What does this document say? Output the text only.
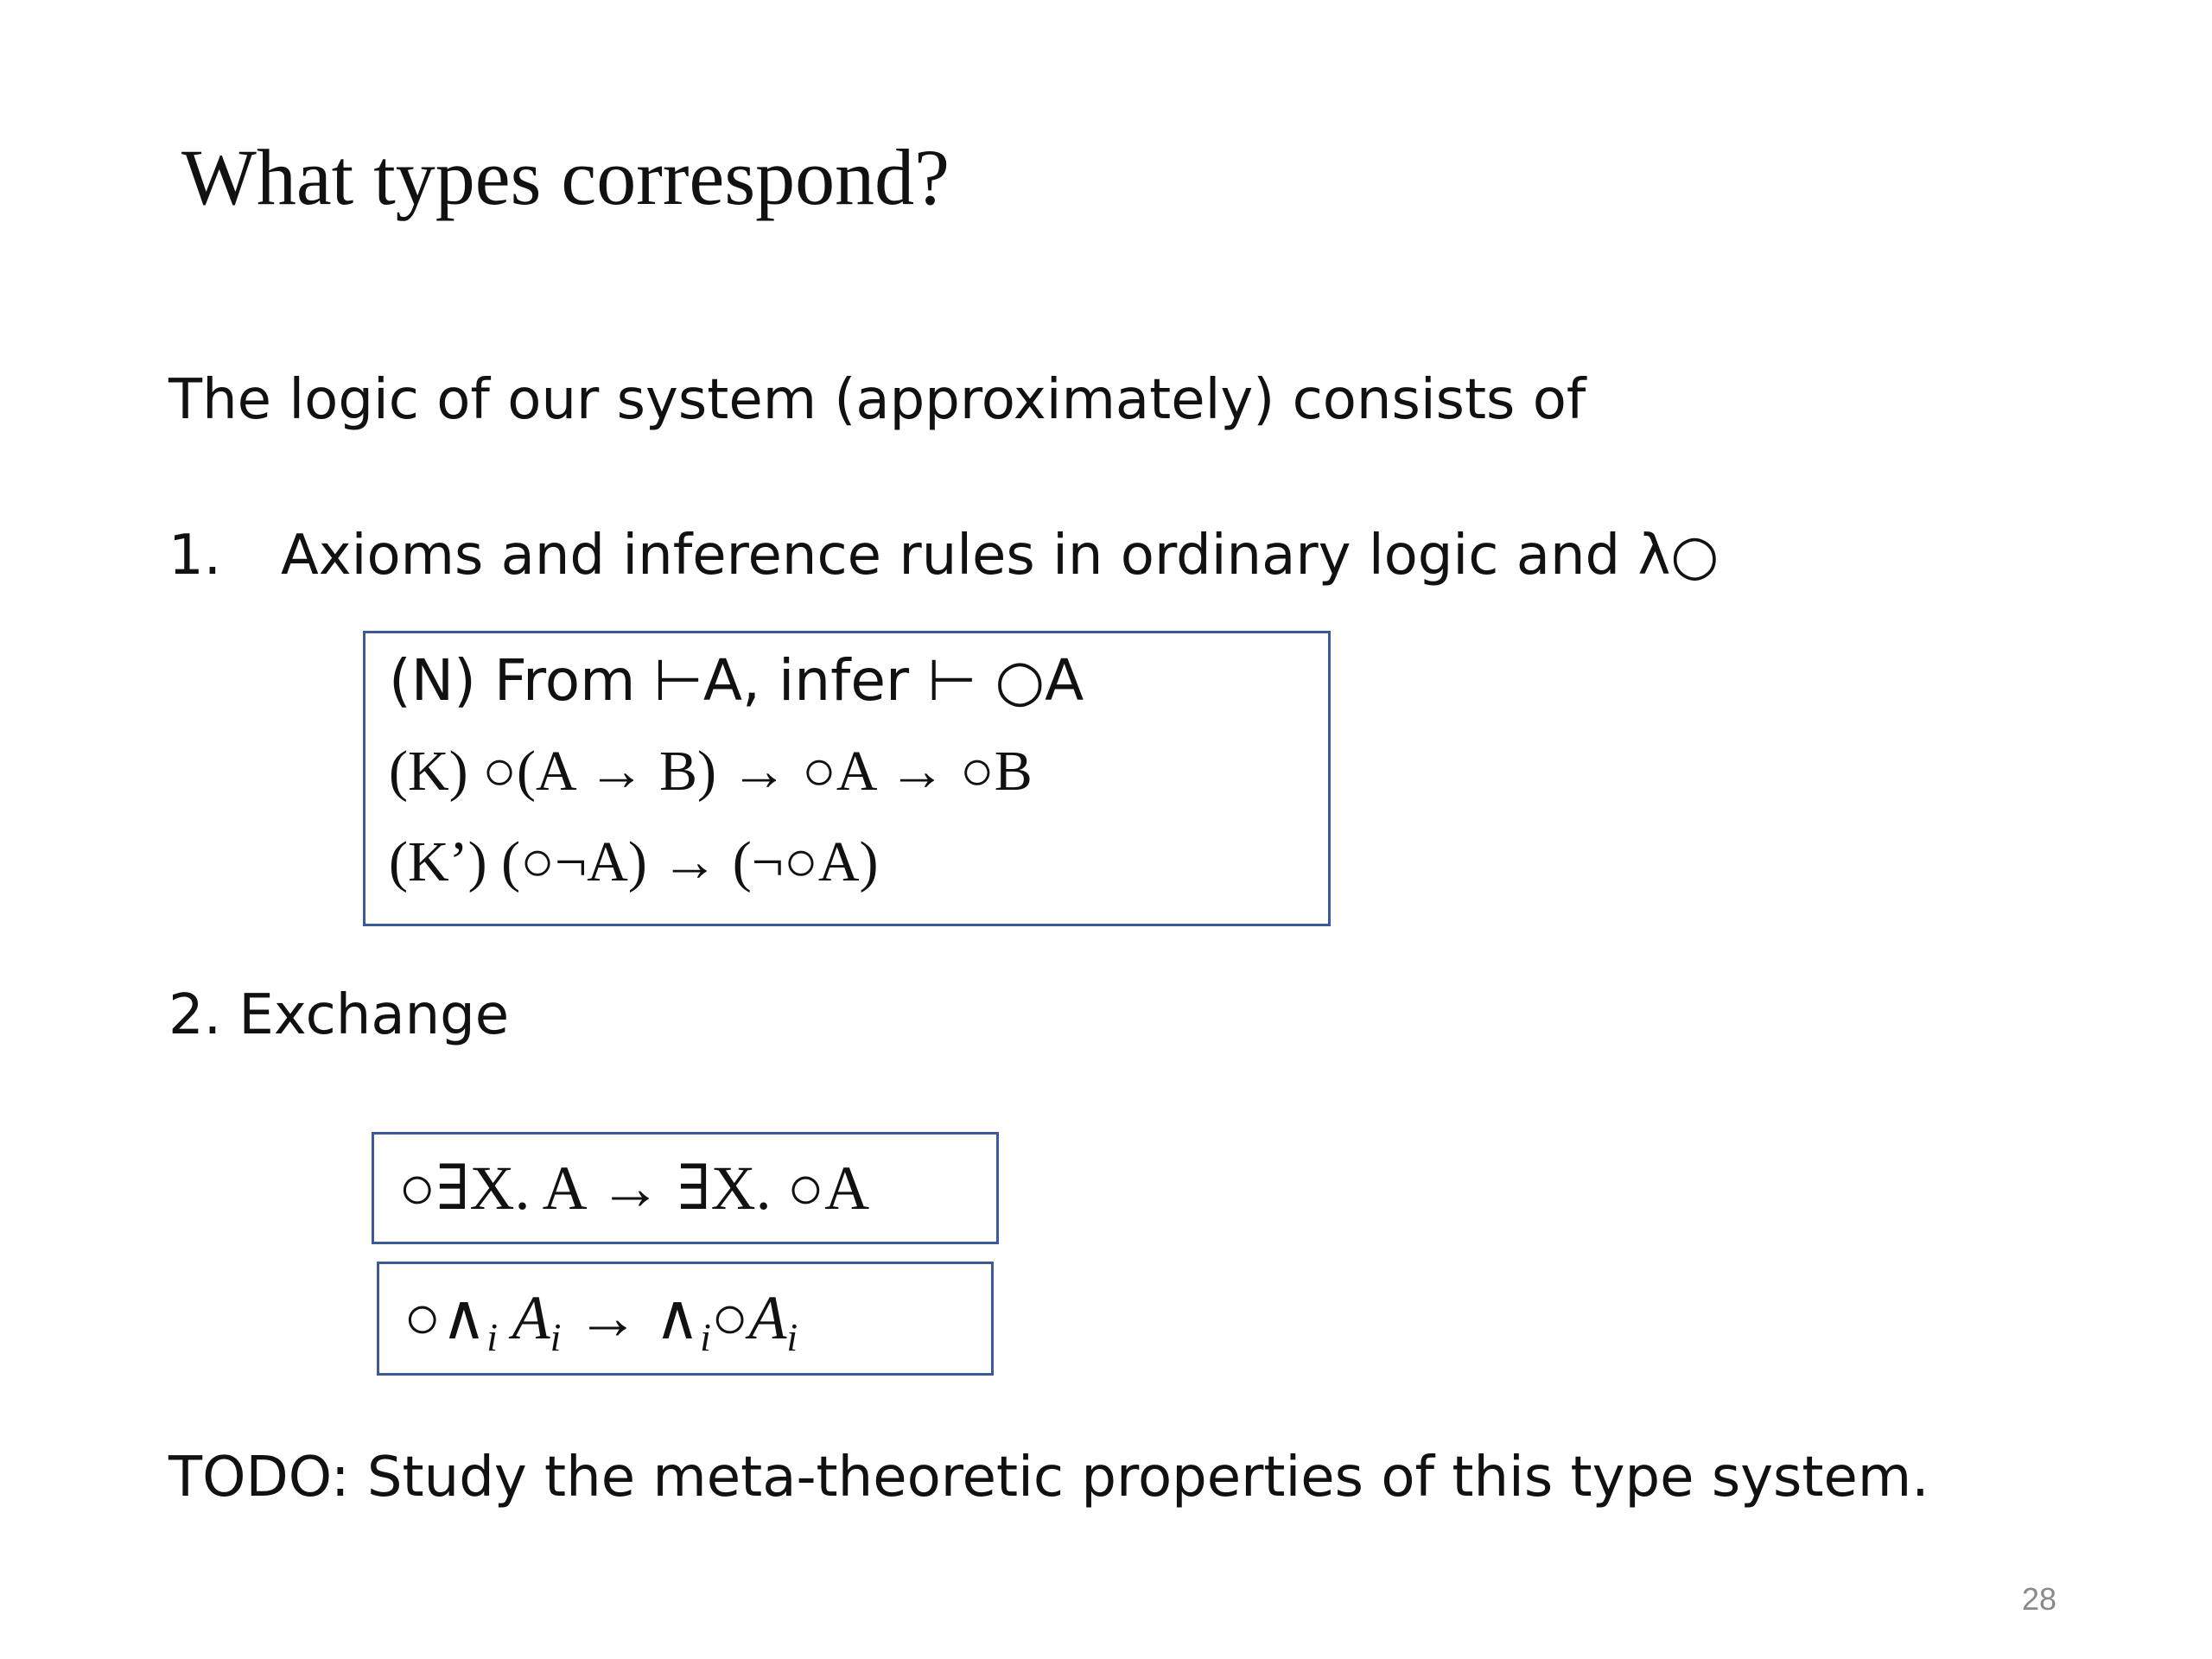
What types correspond?
The logic of our system (approximately) consists of
1. Axioms and inference rules in ordinary logic and λ○
(N) From ⊢A, infer ⊢ ○A
(K) ○(A → B) → ○A → ○B
(K’) (○¬A) → (¬○A)
2. Exchange
○∃X. A → ∃X. ○A
$○\wedge_i$ $A_i$ → $\wedge_i○A_i$
TODO: Study the meta-theoretic properties of this type system.
28
